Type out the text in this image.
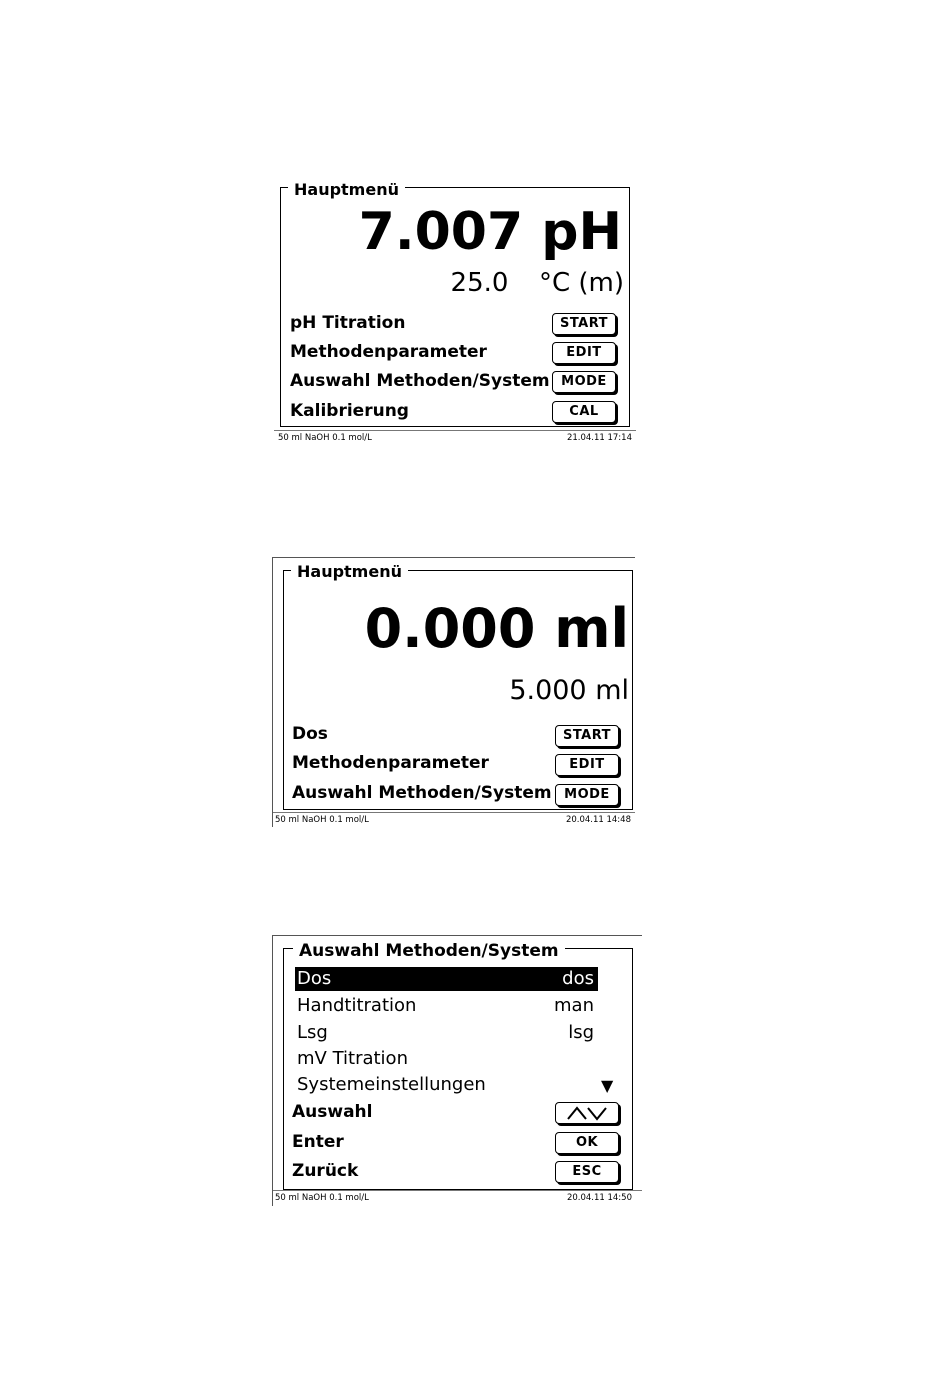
Hauptmenü
7.007 pH
25.0 °C (m)
pH Titration	START
Methodenparameter	EDIT
Auswahl Methoden/System MODE
Kalibrierung	CAL
50 ml NaOH 0.1 mol/L	21.04.11 17:14
Hauptmenü
0.000 ml
5.000 ml
Dos	START
Methodenparameter	EDIT
Auswahl Methoden/System MODE
50 ml NaOH 0.1 mol/L	20.04.11 14:48
Auswahl Methoden/System
Dos	dos
Handtitration	man
Lsg	lsg
mV Titration
Systemeinstellungen	▼
Auswahl
Enter	OK
Zurück	ESC
50 ml NaOH 0.1 mol/L	20.04.11 14:50
